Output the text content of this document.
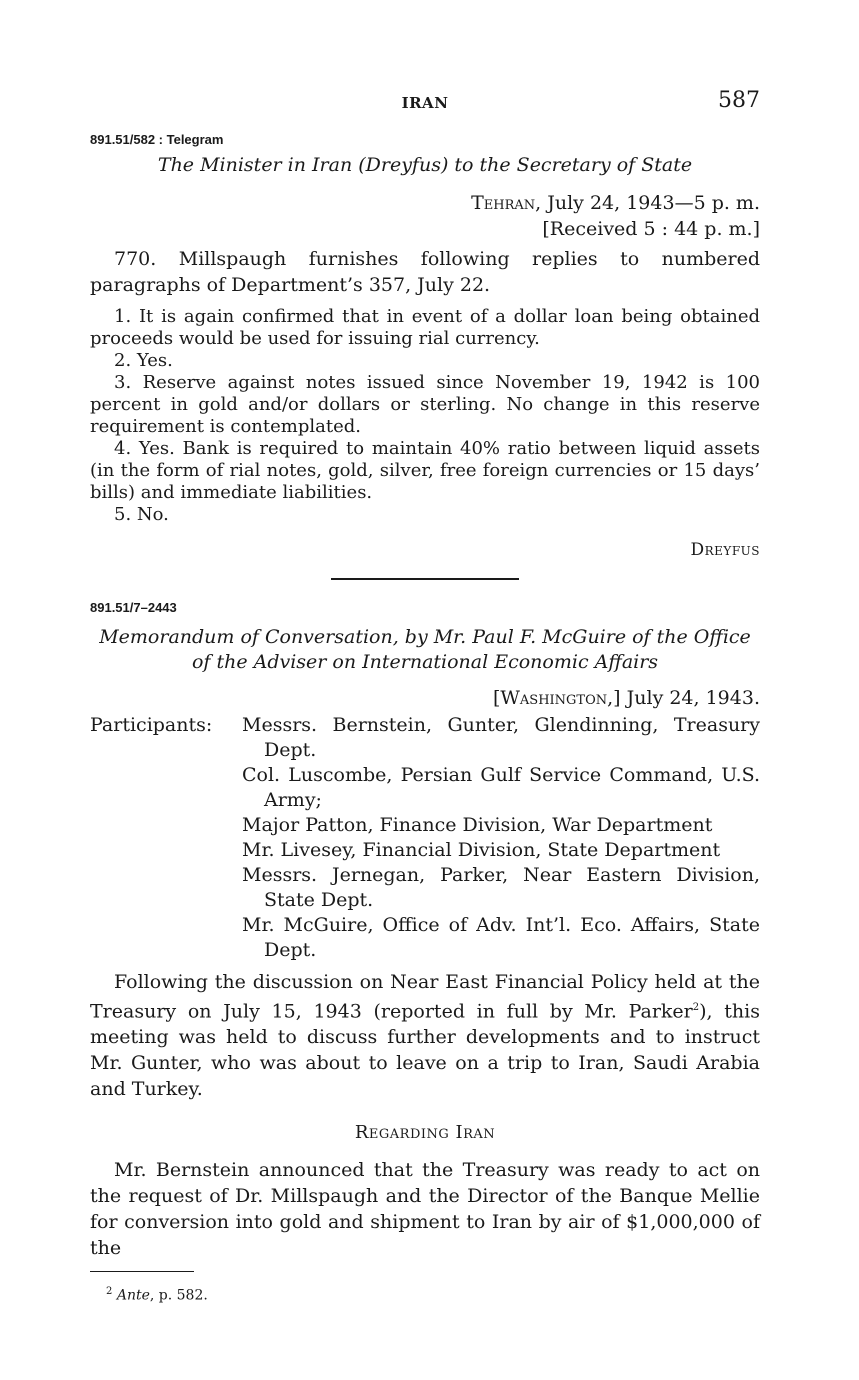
IRAN	587
891.51/582 : Telegram
The Minister in Iran (Dreyfus) to the Secretary of State
Tehran, July 24, 1943—5 p. m.
[Received 5 : 44 p. m.]

770. Millspaugh furnishes following replies to numbered paragraphs of Department’s 357, July 22.

1. It is again confirmed that in event of a dollar loan being obtained proceeds would be used for issuing rial currency.

2. Yes.

3. Reserve against notes issued since November 19, 1942 is 100 percent in gold and/or dollars or sterling. No change in this reserve requirement is contemplated.

4. Yes. Bank is required to maintain 40% ratio between liquid assets (in the form of rial notes, gold, silver, free foreign currencies or 15 days’ bills) and immediate liabilities.

5. No.

Dreyfus
891.51/7–2443
Memorandum of Conversation, by Mr. Paul F. McGuire of the Office of the Adviser on International Economic Affairs
[Washington,] July 24, 1943.
Participants:	Messrs. Bernstein, Gunter, Glendinning, Treasury Dept.
Col. Luscombe, Persian Gulf Service Command, U.S. Army;
Major Patton, Finance Division, War Department
Mr. Livesey, Financial Division, State Department
Messrs. Jernegan, Parker, Near Eastern Division, State Dept.
Mr. McGuire, Office of Adv. Int’l. Eco. Affairs, State Dept.

Following the discussion on Near East Financial Policy held at the Treasury on July 15, 1943 (reported in full by Mr. Parker$^2$), this meeting was held to discuss further developments and to instruct Mr. Gunter, who was about to leave on a trip to Iran, Saudi Arabia and Turkey.

Regarding Iran

Mr. Bernstein announced that the Treasury was ready to act on the request of Dr. Millspaugh and the Director of the Banque Mellie for conversion into gold and shipment to Iran by air of $1,000,000 of the

$^2$ Ante, p. 582.
